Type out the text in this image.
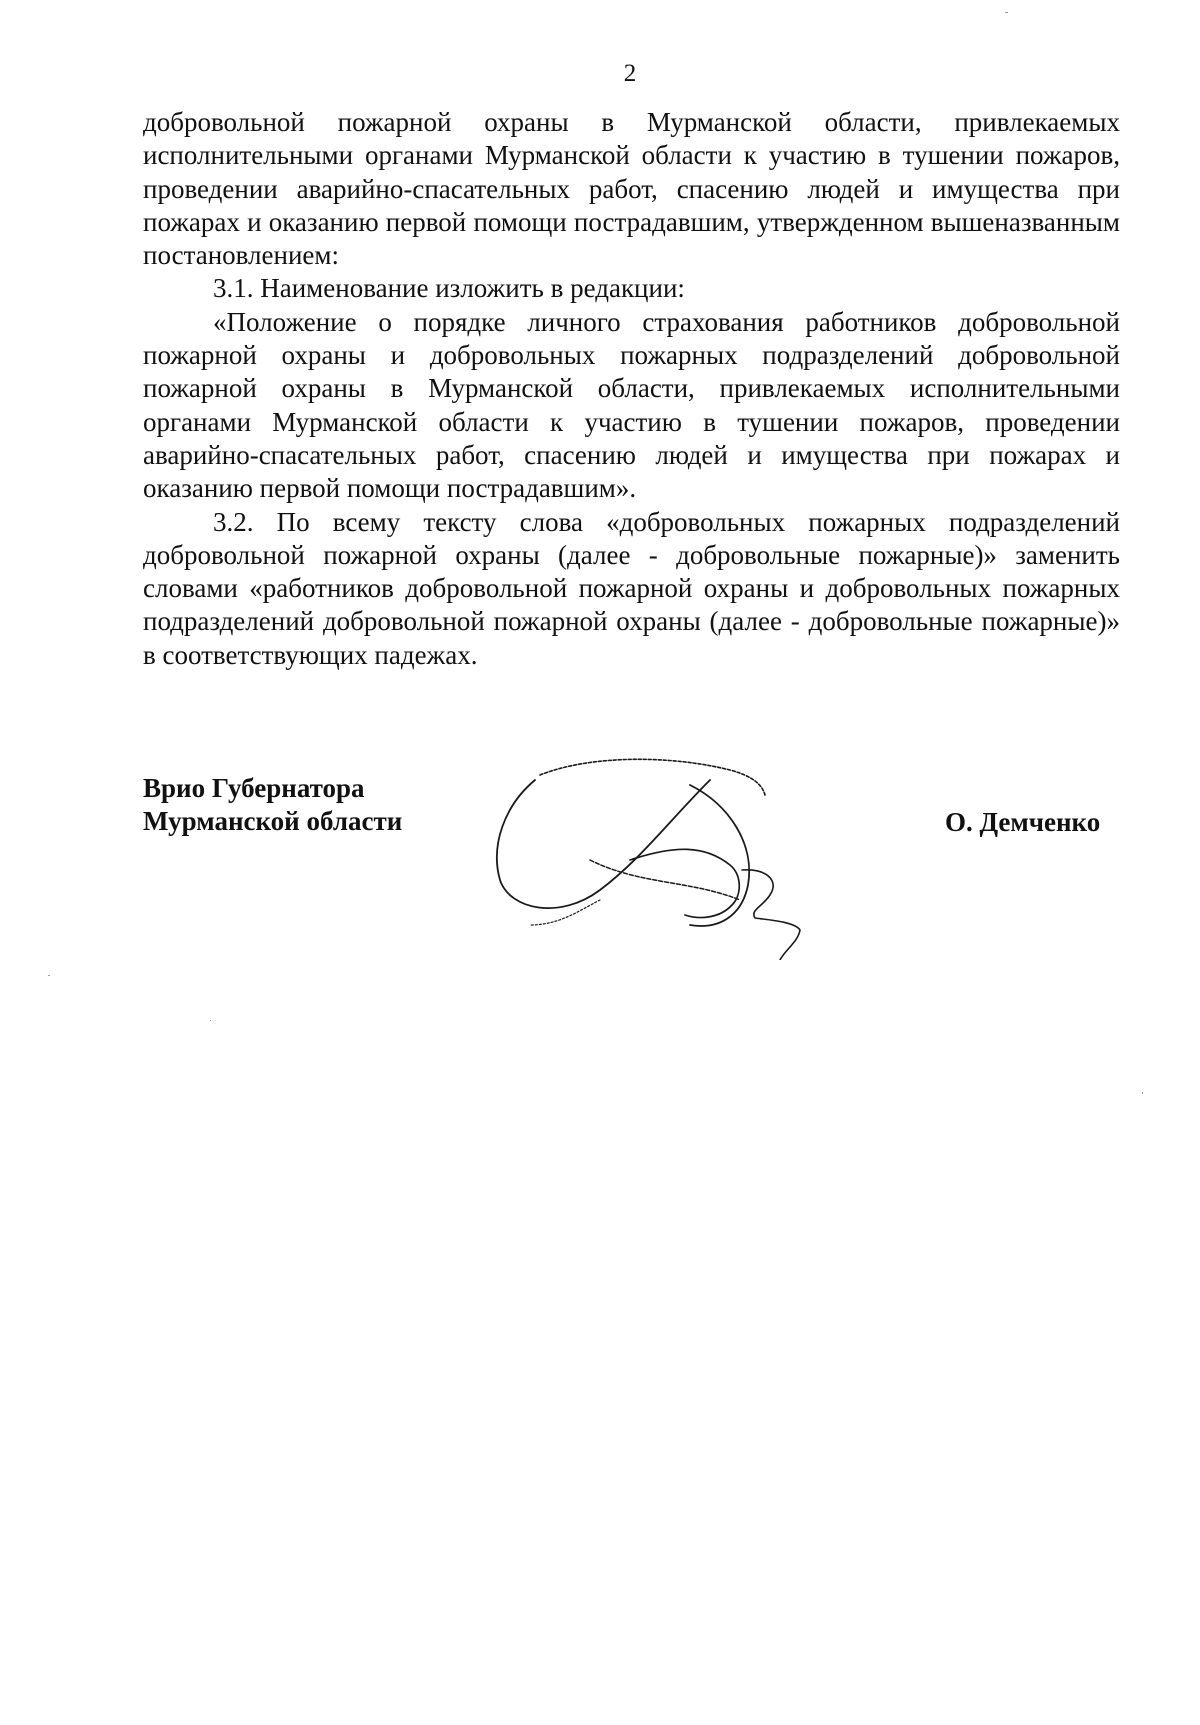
2

добровольной пожарной охраны в Мурманской области, привлекаемых исполнительными органами Мурманской области к участию в тушении пожаров, проведении аварийно-спасательных работ, спасению людей и имущества при пожарах и оказанию первой помощи пострадавшим, утвержденном вышеназванным постановлением:

3.1. Наименование изложить в редакции:

«Положение о порядке личного страхования работников добровольной пожарной охраны и добровольных пожарных подразделений добровольной пожарной охраны в Мурманской области, привлекаемых исполнительными органами Мурманской области к участию в тушении пожаров, проведении аварийно-спасательных работ, спасению людей и имущества при пожарах и оказанию первой помощи пострадавшим».

3.2. По всему тексту слова «добровольных пожарных подразделений добровольной пожарной охраны (далее - добровольные пожарные)» заменить словами «работников добровольной пожарной охраны и добровольных пожарных подразделений добровольной пожарной охраны (далее - добровольные пожарные)» в соответствующих падежах.

Врио Губернатора
Мурманской области	О. Демченко
